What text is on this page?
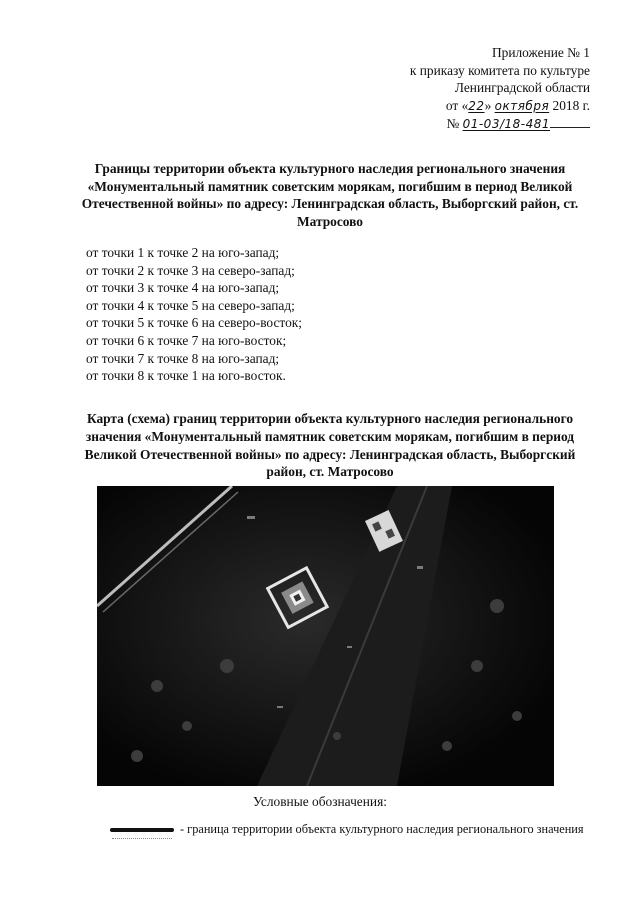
Приложение № 1
к приказу комитета по культуре
Ленинградской области
от «22» октября 2018 г.
№ 01-03/18-481
Границы территории объекта культурного наследия регионального значения «Монументальный памятник советским морякам, погибшим в период Великой Отечественной войны» по адресу: Ленинградская область, Выборгский район, ст. Матросово
от точки 1 к точке 2 на юго-запад;
от точки 2 к точке 3 на северо-запад;
от точки 3 к точке 4 на юго-запад;
от точки 4 к точке 5 на северо-запад;
от точки 5 к точке 6 на северо-восток;
от точки 6 к точке 7 на юго-восток;
от точки 7 к точке 8 на юго-запад;
от точки 8 к точке 1 на юго-восток.
Карта (схема) границ территории объекта культурного наследия регионального значения «Монументальный памятник советским морякам, погибшим в период Великой Отечественной войны» по адресу: Ленинградская область, Выборгский район, ст. Матросово
Условные обозначения:
- граница территории объекта культурного наследия регионального значения
